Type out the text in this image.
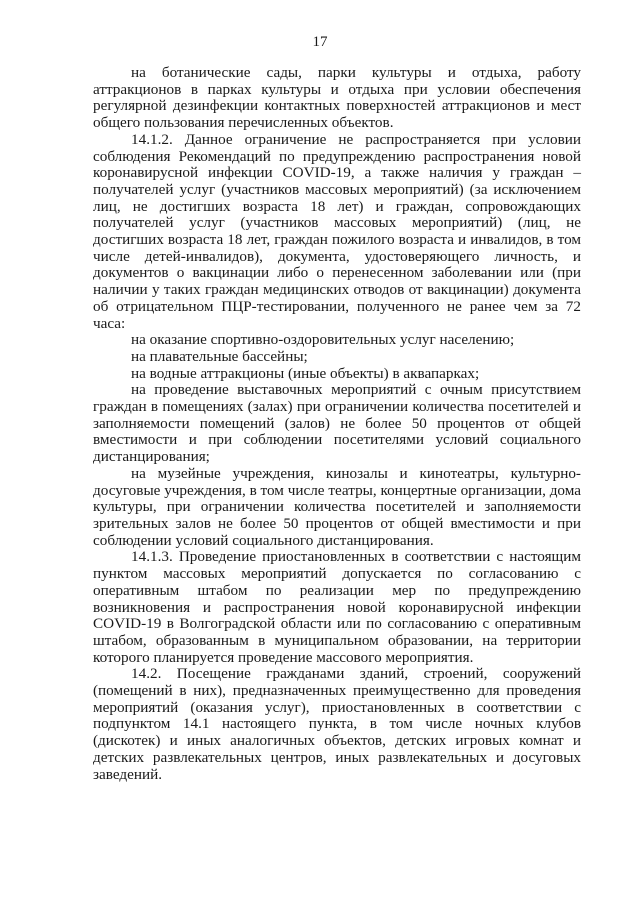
17

на ботанические сады, парки культуры и отдыха, работу аттракционов в парках культуры и отдыха при условии обеспечения регулярной дезинфекции контактных поверхностей аттракционов и мест общего пользования перечисленных объектов.

14.1.2. Данное ограничение не распространяется при условии соблюдения Рекомендаций по предупреждению распространения новой коронавирусной инфекции COVID-19, а также наличия у граждан – получателей услуг (участников массовых мероприятий) (за исключением лиц, не достигших возраста 18 лет) и граждан, сопровождающих получателей услуг (участников массовых мероприятий) (лиц, не достигших возраста 18 лет, граждан пожилого возраста и инвалидов, в том числе детей-инвалидов), документа, удостоверяющего личность, и документов о вакцинации либо о перенесенном заболевании или (при наличии у таких граждан медицинских отводов от вакцинации) документа об отрицательном ПЦР-тестировании, полученного не ранее чем за 72 часа:

на оказание спортивно-оздоровительных услуг населению;

на плавательные бассейны;

на водные аттракционы (иные объекты) в аквапарках;

на проведение выставочных мероприятий с очным присутствием граждан в помещениях (залах) при ограничении количества посетителей и заполняемости помещений (залов) не более 50 процентов от общей вместимости и при соблюдении посетителями условий социального дистанцирования;

на музейные учреждения, кинозалы и кинотеатры, культурно-досуговые учреждения, в том числе театры, концертные организации, дома культуры, при ограничении количества посетителей и заполняемости зрительных залов не более 50 процентов от общей вместимости и при соблюдении условий социального дистанцирования.

14.1.3. Проведение приостановленных в соответствии с настоящим пунктом массовых мероприятий допускается по согласованию с оперативным штабом по реализации мер по предупреждению возникновения и распространения новой коронавирусной инфекции COVID-19 в Волгоградской области или по согласованию с оперативным штабом, образованным в муниципальном образовании, на территории которого планируется проведение массового мероприятия.

14.2. Посещение гражданами зданий, строений, сооружений (помещений в них), предназначенных преимущественно для проведения мероприятий (оказания услуг), приостановленных в соответствии с подпунктом 14.1 настоящего пункта, в том числе ночных клубов (дискотек) и иных аналогичных объектов, детских игровых комнат и детских развлекательных центров, иных развлекательных и досуговых заведений.
